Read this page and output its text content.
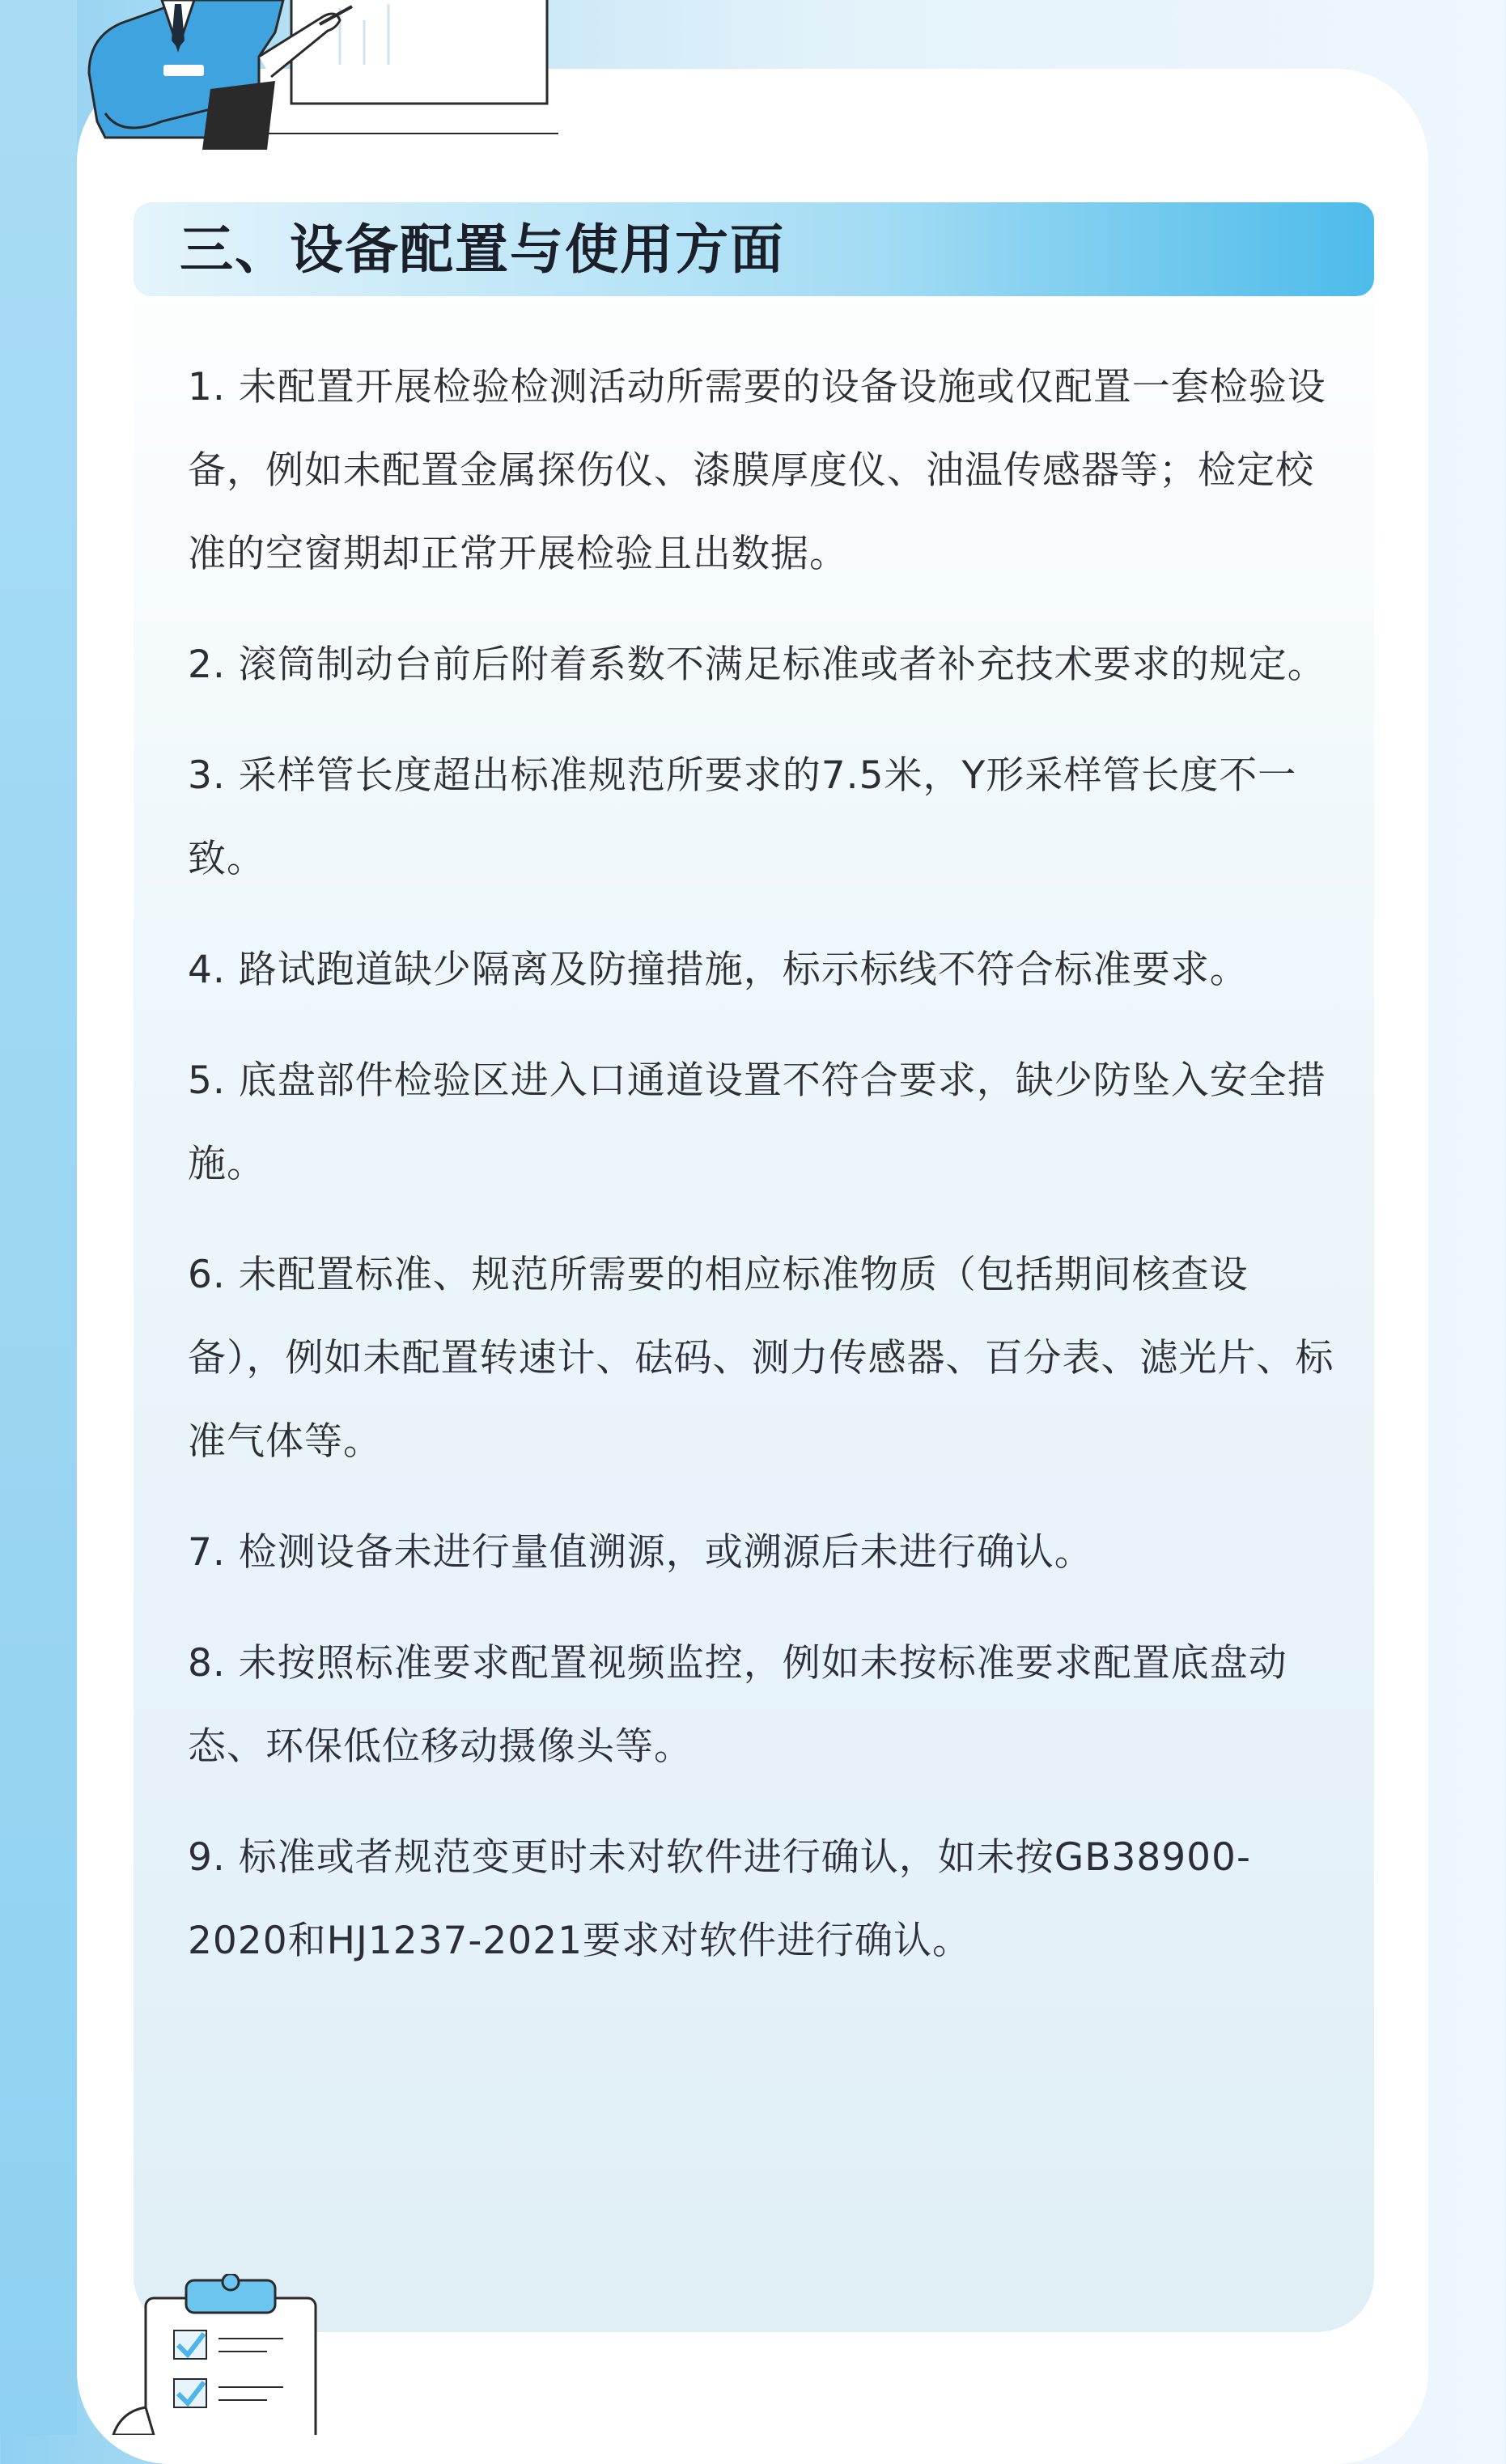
三、设备配置与使用方面
1. 未配置开展检验检测活动所需要的设备设施或仅配置一套检验设备，例如未配置金属探伤仪、漆膜厚度仪、油温传感器等；检定校准的空窗期却正常开展检验且出数据。
2. 滚筒制动台前后附着系数不满足标准或者补充技术要求的规定。
3. 采样管长度超出标准规范所要求的7.5米，Y形采样管长度不一致。
4. 路试跑道缺少隔离及防撞措施，标示标线不符合标准要求。
5. 底盘部件检验区进入口通道设置不符合要求，缺少防坠入安全措施。
6. 未配置标准、规范所需要的相应标准物质（包括期间核查设备），例如未配置转速计、砝码、测力传感器、百分表、滤光片、标准气体等。
7. 检测设备未进行量值溯源，或溯源后未进行确认。
8. 未按照标准要求配置视频监控，例如未按标准要求配置底盘动态、环保低位移动摄像头等。
9. 标准或者规范变更时未对软件进行确认，如未按GB38900-2020和HJ1237-2021要求对软件进行确认。
